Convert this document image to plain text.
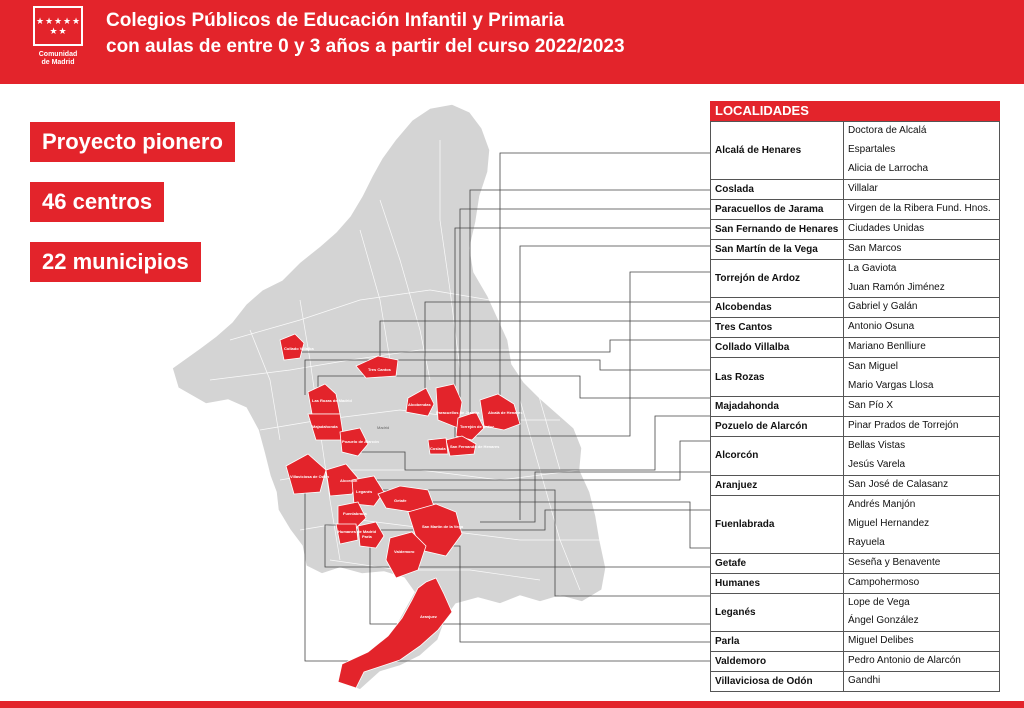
★ ★ ★ ★ ★
★ ★
Comunidad
de Madrid
Colegios Públicos de Educación Infantil y Primaria
con aulas de entre 0 y 3 años a partir del curso 2022/2023
Proyecto pionero
46 centros
22 municipios
Madrid
Collado Villalba
Tres Cantos
Las Rozas de Madrid
Majadahonda
Alcobendas
Paracuellos de Jarama
Torrejón de Ardoz
Alcalá de Henares
San Fernando de Henares
Coslada
Pozuelo de Alarcón
Villaviciosa de Odón
Alcorcón
Leganés
Getafe
Fuenlabrada
Humanes de Madrid
Parla
San Martín de la Vega
Valdemoro
Aranjuez
LOCALIDADES
Alcalá de Henares	Doctora de Alcalá
Espartales
Alicia de Larrocha

Coslada	Villalar

Paracuellos de Jarama	Virgen de la Ribera Fund. Hnos.

San Fernando de Henares	Ciudades Unidas

San Martín de la Vega	San Marcos

Torrejón de Ardoz	La Gaviota
Juan Ramón Jiménez

Alcobendas	Gabriel y Galán

Tres Cantos	Antonio Osuna

Collado Villalba	Mariano Benlliure

Las Rozas	San Miguel
Mario Vargas Llosa

Majadahonda	San Pío X

Pozuelo de Alarcón	Pinar Prados de Torrejón

Alcorcón	Bellas Vistas
Jesús Varela

Aranjuez	San José de Calasanz

Fuenlabrada	Andrés Manjón
Miguel Hernandez
Rayuela

Getafe	Seseña y Benavente

Humanes	Campohermoso

Leganés	Lope de Vega
Ángel González

Parla	Miguel Delibes

Valdemoro	Pedro Antonio de Alarcón

Villaviciosa de Odón	Gandhi
